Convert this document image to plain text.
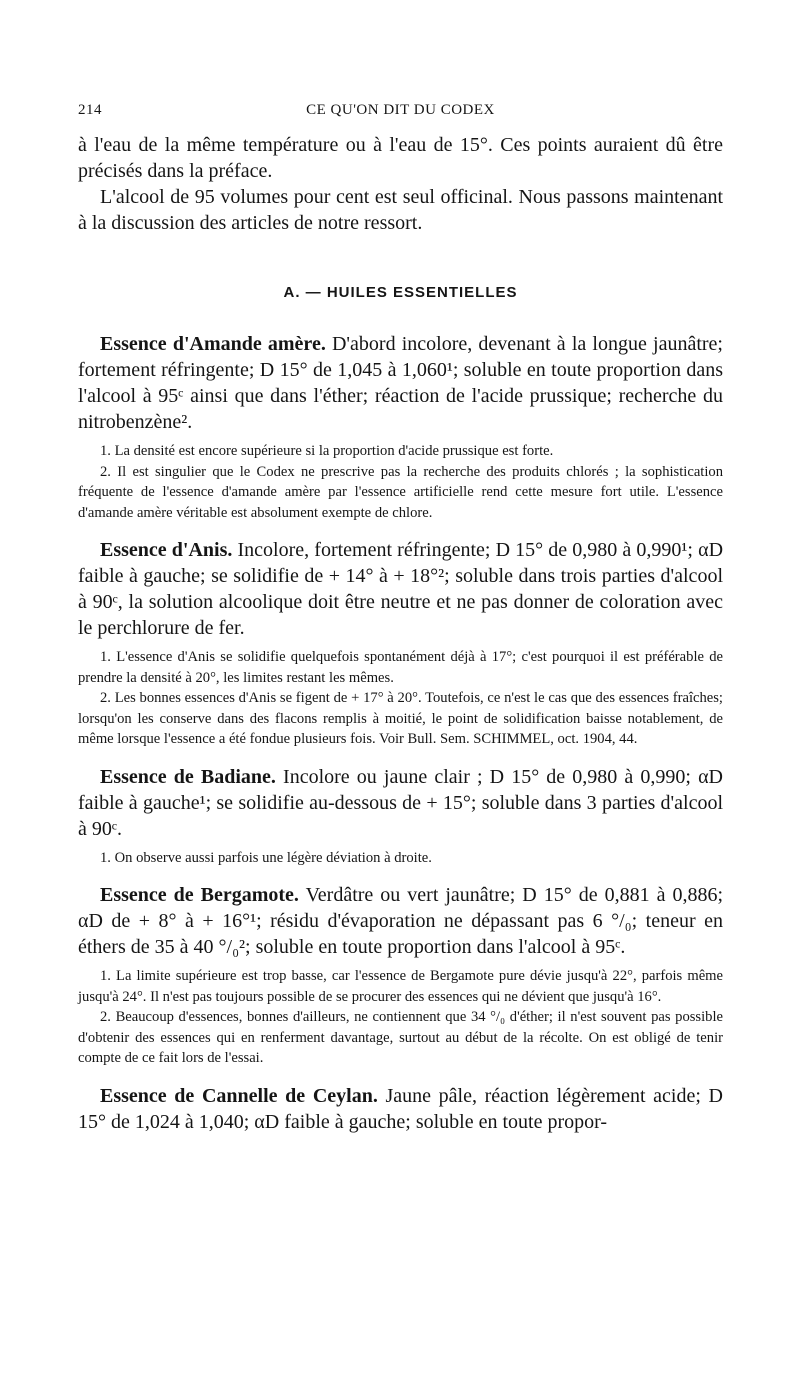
214	CE QU'ON DIT DU CODEX

à l'eau de la même température ou à l'eau de 15°. Ces points auraient dû être précisés dans la préface.

L'alcool de 95 volumes pour cent est seul officinal. Nous passons maintenant à la discussion des articles de notre ressort.

A. — HUILES ESSENTIELLES

Essence d'Amande amère. D'abord incolore, devenant à la longue jaunâtre; fortement réfringente; D 15° de 1,045 à 1,060¹; soluble en toute proportion dans l'alcool à 95ᶜ ainsi que dans l'éther; réaction de l'acide prussique; recherche du nitrobenzène².

1. La densité est encore supérieure si la proportion d'acide prussique est forte.

2. Il est singulier que le Codex ne prescrive pas la recherche des produits chlorés ; la sophistication fréquente de l'essence d'amande amère par l'essence artificielle rend cette mesure fort utile. L'essence d'amande amère véritable est absolument exempte de chlore.

Essence d'Anis. Incolore, fortement réfringente; D 15° de 0,980 à 0,990¹; αD faible à gauche; se solidifie de + 14° à + 18°²; soluble dans trois parties d'alcool à 90ᶜ, la solution alcoolique doit être neutre et ne pas donner de coloration avec le perchlorure de fer.

1. L'essence d'Anis se solidifie quelquefois spontanément déjà à 17°; c'est pourquoi il est préférable de prendre la densité à 20°, les limites restant les mêmes.

2. Les bonnes essences d'Anis se figent de + 17° à 20°. Toutefois, ce n'est le cas que des essences fraîches; lorsqu'on les conserve dans des flacons remplis à moitié, le point de solidification baisse notablement, de même lorsque l'essence a été fondue plusieurs fois. Voir Bull. Sem. SCHIMMEL, oct. 1904, 44.

Essence de Badiane. Incolore ou jaune clair ; D 15° de 0,980 à 0,990; αD faible à gauche¹; se solidifie au-dessous de + 15°; soluble dans 3 parties d'alcool à 90ᶜ.

1. On observe aussi parfois une légère déviation à droite.

Essence de Bergamote. Verdâtre ou vert jaunâtre; D 15° de 0,881 à 0,886; αD de + 8° à + 16°¹; résidu d'évaporation ne dépassant pas 6 °/₀; teneur en éthers de 35 à 40 °/₀²; soluble en toute proportion dans l'alcool à 95ᶜ.

1. La limite supérieure est trop basse, car l'essence de Bergamote pure dévie jusqu'à 22°, parfois même jusqu'à 24°. Il n'est pas toujours possible de se procurer des essences qui ne dévient que jusqu'à 16°.

2. Beaucoup d'essences, bonnes d'ailleurs, ne contiennent que 34 °/₀ d'éther; il n'est souvent pas possible d'obtenir des essences qui en renferment davantage, surtout au début de la récolte. On est obligé de tenir compte de ce fait lors de l'essai.

Essence de Cannelle de Ceylan. Jaune pâle, réaction légèrement acide; D 15° de 1,024 à 1,040; αD faible à gauche; soluble en toute propor-
